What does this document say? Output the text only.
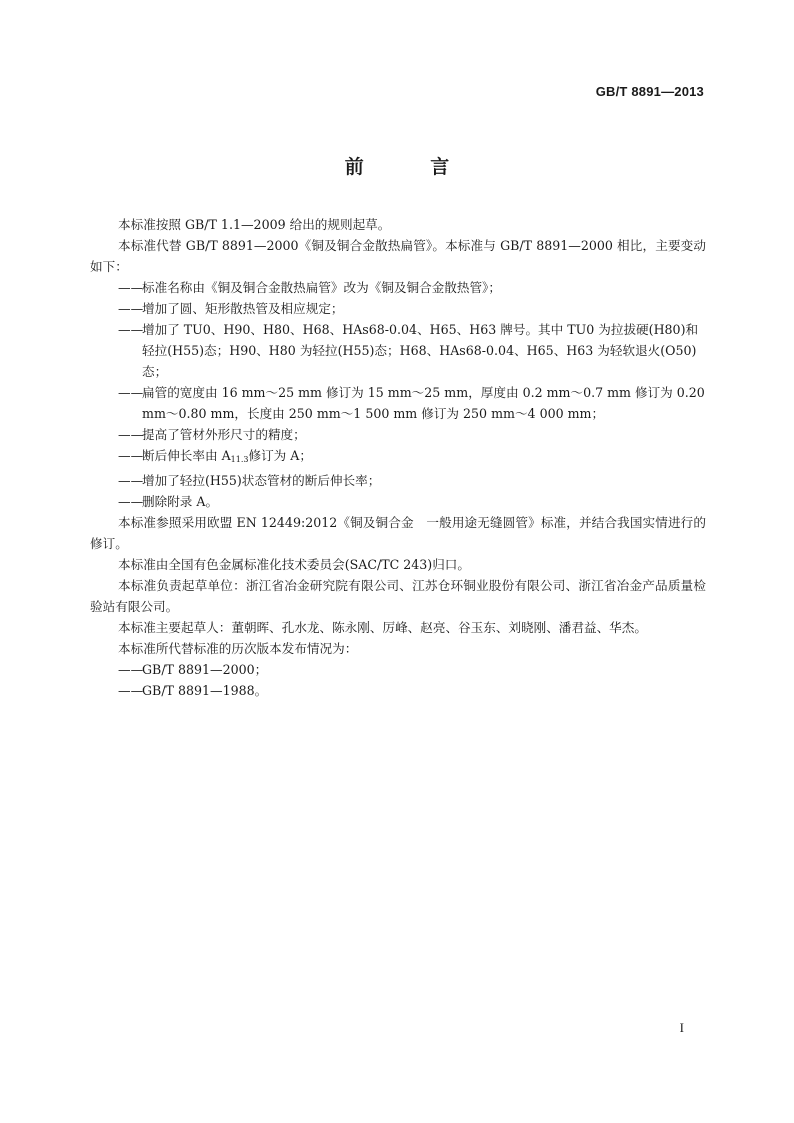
GB/T 8891—2013
前 言

本标准按照 GB/T 1.1—2009 给出的规则起草。

本标准代替 GB/T 8891—2000《铜及铜合金散热扁管》。本标准与 GB/T 8891—2000 相比，主要变动如下：

——标准名称由《铜及铜合金散热扁管》改为《铜及铜合金散热管》；

——增加了圆、矩形散热管及相应规定；

——增加了 TU0、H90、H80、H68、HAs68-0.04、H65、H63 牌号。其中 TU0 为拉拔硬(H80)和轻拉(H55)态；H90、H80 为轻拉(H55)态；H68、HAs68-0.04、H65、H63 为轻软退火(O50)态；

——扁管的宽度由 16 mm～25 mm 修订为 15 mm～25 mm，厚度由 0.2 mm～0.7 mm 修订为 0.20 mm～0.80 mm，长度由 250 mm～1 500 mm 修订为 250 mm～4 000 mm；

——提高了管材外形尺寸的精度；

——断后伸长率由 $A_{11.3}$修订为 A；

——增加了轻拉(H55)状态管材的断后伸长率；

——删除附录 A。

本标准参照采用欧盟 EN 12449:2012《铜及铜合金　一般用途无缝圆管》标准，并结合我国实情进行的修订。

本标准由全国有色金属标准化技术委员会(SAC/TC 243)归口。

本标准负责起草单位：浙江省冶金研究院有限公司、江苏仓环铜业股份有限公司、浙江省冶金产品质量检验站有限公司。

本标准主要起草人：董朝晖、孔水龙、陈永刚、厉峰、赵亮、谷玉东、刘晓刚、潘君益、华杰。

本标准所代替标准的历次版本发布情况为：

——GB/T 8891—2000；

——GB/T 8891—1988。

I
